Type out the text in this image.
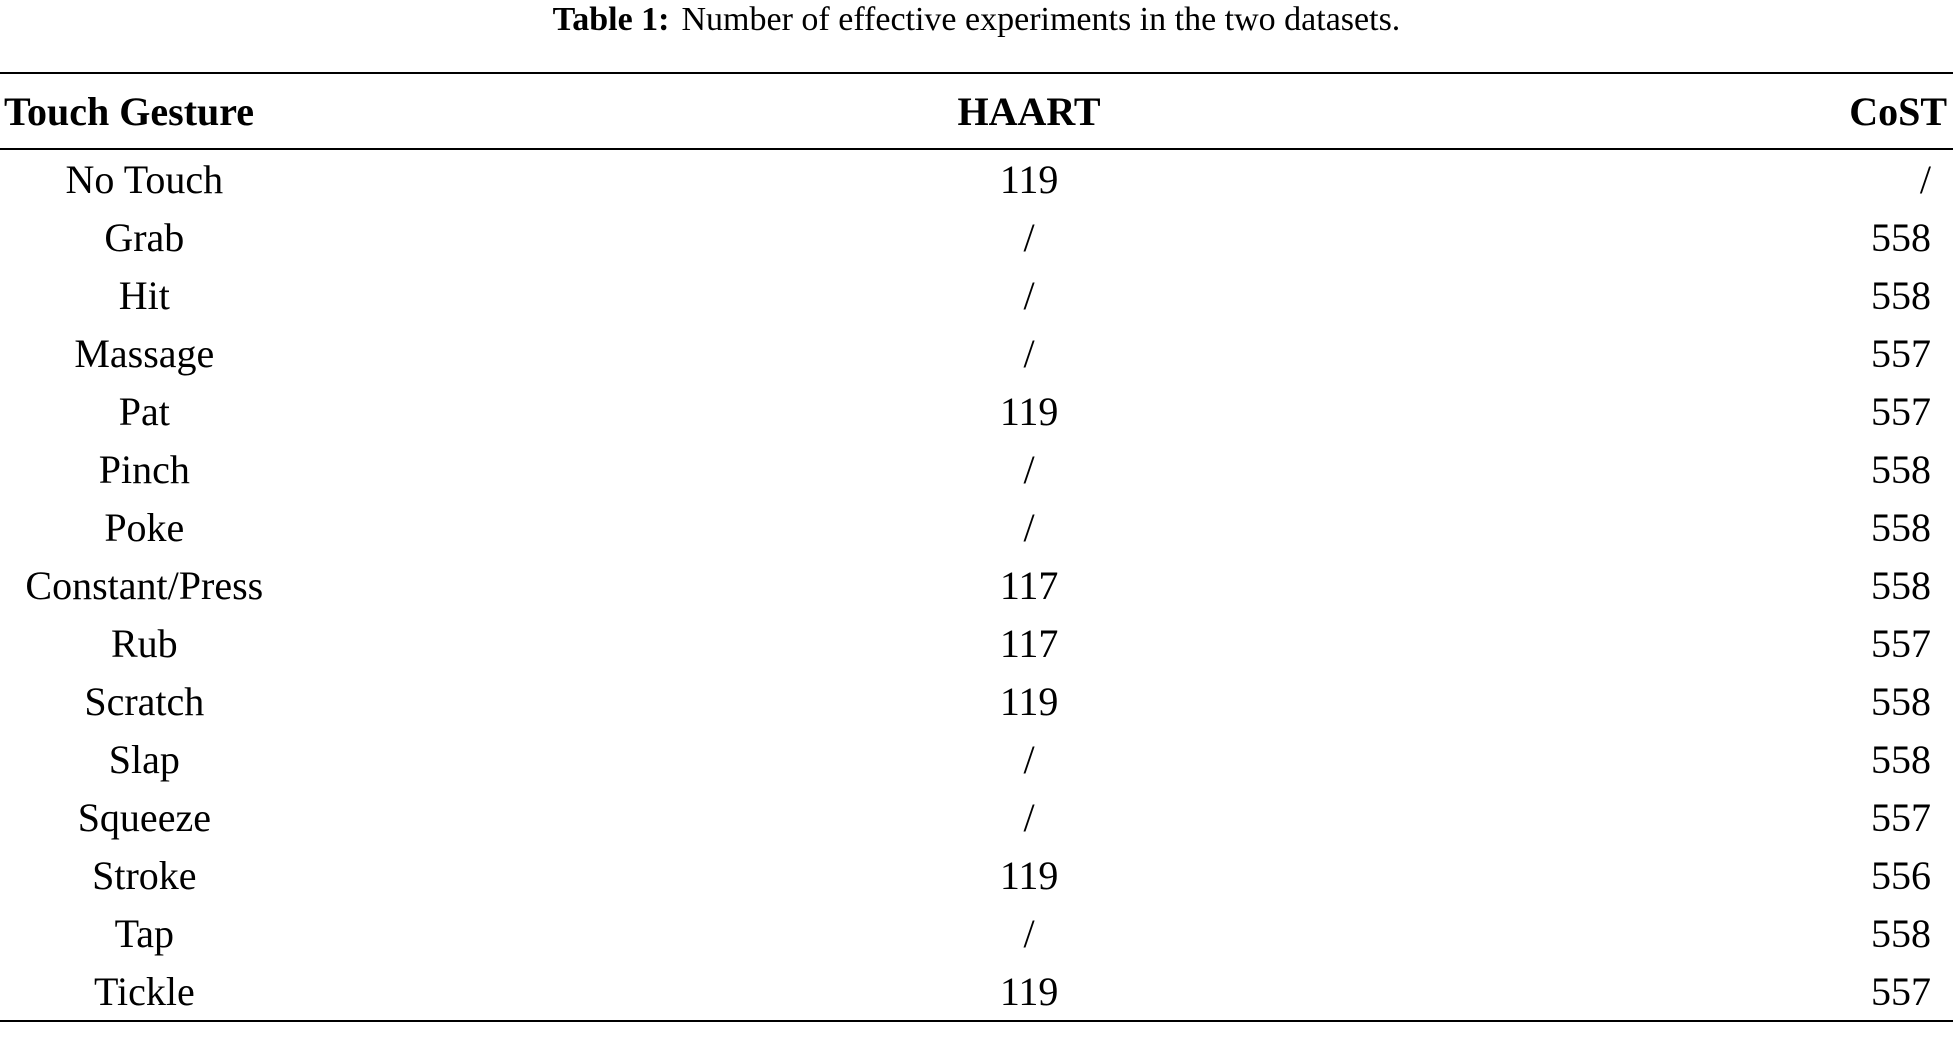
Table 1: Number of effective experiments in the two datasets.
Touch Gesture	HAART	CoST
No Touch	119	/
Grab	/	558
Hit	/	558
Massage	/	557
Pat	119	557
Pinch	/	558
Poke	/	558
Constant/Press	117	558
Rub	117	557
Scratch	119	558
Slap	/	558
Squeeze	/	557
Stroke	119	556
Tap	/	558
Tickle	119	557
